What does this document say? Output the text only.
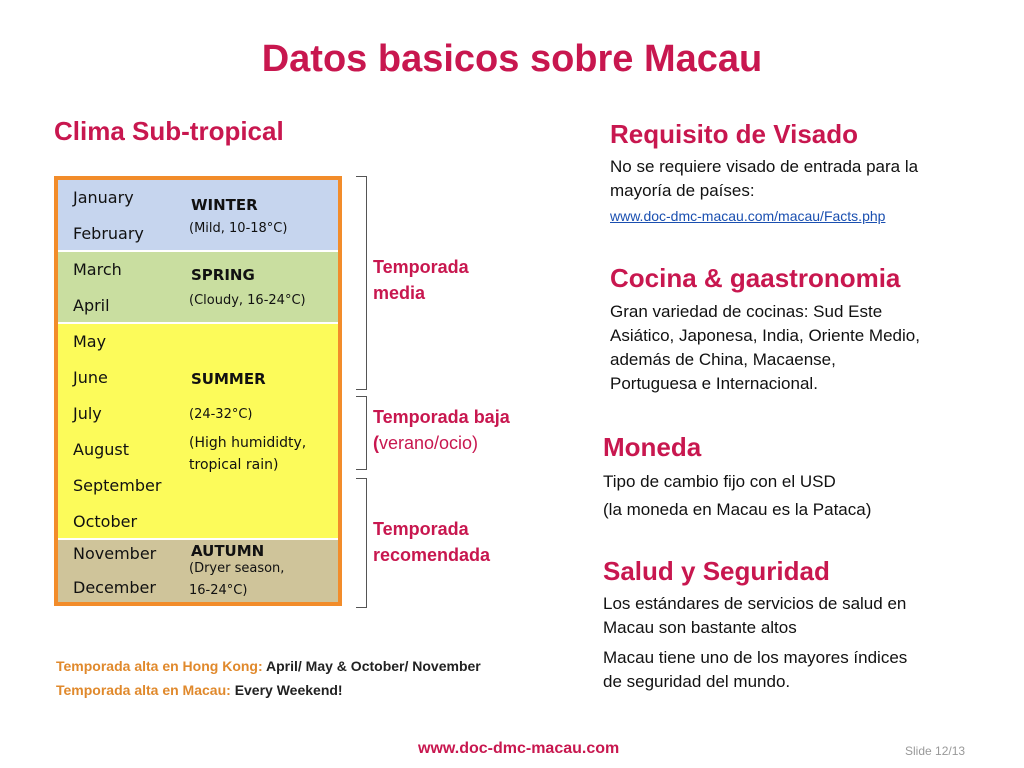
Datos basicos sobre Macau
Clima Sub-tropical
January
February
WINTER
(Mild, 10-18°C)
March
April
SPRING
(Cloudy, 16-24°C)
May
June
July
August
September
October
SUMMER
(24-32°C)
(High humididty,
tropical rain)
November
December
AUTUMN
(Dryer season,
16-24°C)
Temporada
media
Temporada baja
(verano/ocio)
Temporada
recomendada
Temporada alta en Hong Kong: April/ May & October/ November
Temporada alta en Macau: Every Weekend!
Requisito de Visado
No se requiere visado de entrada para la
mayoría de países:
www.doc-dmc-macau.com/macau/Facts.php
Cocina & gaastronomia
Gran variedad de cocinas: Sud Este
Asiático, Japonesa, India, Oriente Medio,
además de China, Macaense,
Portuguesa e Internacional.
Moneda
Tipo de cambio fijo con el USD
(la moneda en Macau es la Pataca)
Salud y Seguridad
Los estándares de servicios de salud en
Macau son bastante altos
Macau tiene uno de los mayores índices
de seguridad del mundo.
www.doc-dmc-macau.com	Slide 12/13
